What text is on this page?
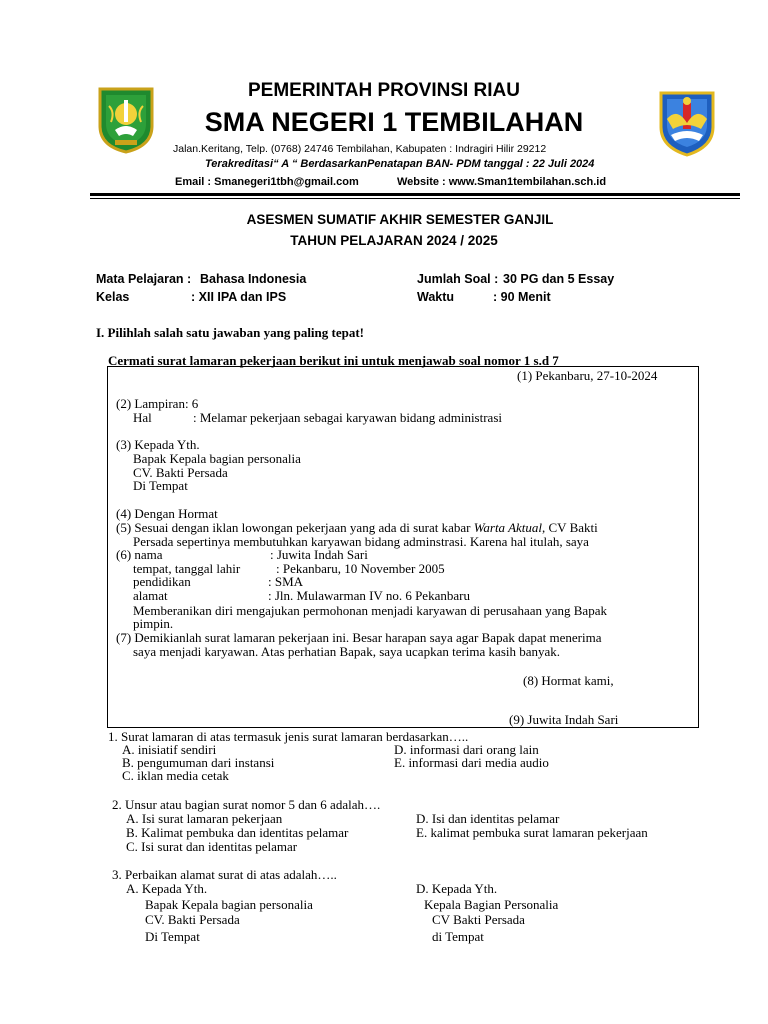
PEMERINTAH PROVINSI RIAU
SMA NEGERI 1 TEMBILAHAN
Jalan.Keritang, Telp. (0768) 24746 Tembilahan, Kabupaten : Indragiri Hilir 29212
Terakreditasi“ A “ BerdasarkanPenatapan BAN- PDM tanggal : 22 Juli 2024
Email : Smanegeri1tbh@gmail.com	Website : www.Sman1tembilahan.sch.id
ASESMEN SUMATIF AKHIR SEMESTER GANJIL
TAHUN PELAJARAN 2024 / 2025
Mata Pelajaran : Bahasa Indonesia
Kelas	: XII IPA dan IPS
Jumlah Soal : 30 PG dan 5 Essay
Waktu	: 90 Menit
I. Pilihlah salah satu jawaban yang paling tepat!
Cermati surat lamaran pekerjaan berikut ini untuk menjawab soal nomor 1 s.d 7
(1) Pekanbaru, 27-10-2024
(2) Lampiran: 6
Hal	: Melamar pekerjaan sebagai karyawan bidang administrasi
(3) Kepada Yth.
Bapak Kepala bagian personalia
CV. Bakti Persada
Di Tempat
(4) Dengan Hormat
(5) Sesuai dengan iklan lowongan pekerjaan yang ada di surat kabar Warta Aktual, CV Bakti
Persada sepertinya membutuhkan karyawan bidang adminstrasi. Karena hal itulah, saya
(6) nama	: Juwita Indah Sari
tempat, tanggal lahir	: Pekanbaru, 10 November 2005
pendidikan	: SMA
alamat	: Jln. Mulawarman IV no. 6 Pekanbaru
Memberanikan diri mengajukan permohonan menjadi karyawan di perusahaan yang Bapak
pimpin.
(7) Demikianlah surat lamaran pekerjaan ini. Besar harapan saya agar Bapak dapat menerima
saya menjadi karyawan. Atas perhatian Bapak, saya ucapkan terima kasih banyak.
(8) Hormat kami,
(9) Juwita Indah Sari
1. Surat lamaran di atas termasuk jenis surat lamaran berdasarkan…..
A. inisiatif sendiri
B. pengumuman dari instansi
C. iklan media cetak
D. informasi dari orang lain
E. informasi dari media audio
2. Unsur atau bagian surat nomor 5 dan 6 adalah….
A. Isi surat lamaran pekerjaan
B. Kalimat pembuka dan identitas pelamar
C. Isi surat dan identitas pelamar
D. Isi dan identitas pelamar
E. kalimat pembuka surat lamaran pekerjaan
3. Perbaikan alamat surat di atas adalah…..
A. Kepada Yth.
Bapak Kepala bagian personalia
CV. Bakti Persada
Di Tempat
D. Kepada Yth.
Kepala Bagian Personalia
CV Bakti Persada
di Tempat
